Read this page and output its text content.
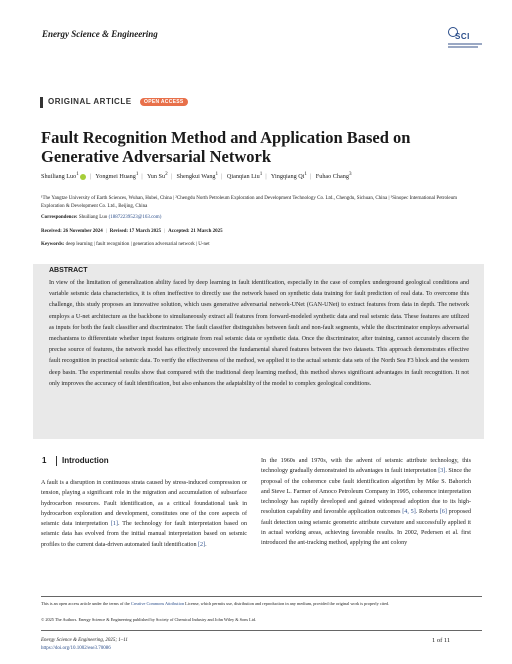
Energy Science & Engineering	SCI
ORIGINAL ARTICLE	OPEN ACCESS
Fault Recognition Method and Application Based on Generative Adversarial Network
Shuiliang Luo$^1$ | Yongmei Huang$^1$ | Yun Su$^2$ | Shengkui Wang$^1$ | Qianqian Liu$^1$ | Yingqiang Qi$^1$ | Fuhao Chang$^3$
¹The Yangtze University of Earth Sciences, Wuhan, Hubei, China | ²Chengdu North Petroleum Exploration and Development Technology Co. Ltd., Chengdu, Sichuan, China | ³Sinopec International Petroleum Exploration & Development Co. Ltd., Beijing, China
Correspondence: Shuiliang Luo (18872239523@163.com)
Received: 26 November 2024 | Revised: 17 March 2025 | Accepted: 21 March 2025
Keywords: deep learning | fault recognition | generation adversarial network | U-net
ABSTRACT
In view of the limitation of generalization ability faced by deep learning in fault identification, especially in the case of complex underground geological conditions and variable seismic data characteristics, it is often ineffective to directly use the network based on synthetic data training for fault prediction of real data. To overcome this challenge, this study proposes an innovative solution, which uses generative adversarial network-UNet (GAN-UNet) to extract features from data in depth. The network employs a U-net architecture as the backbone to simultaneously extract all features from forward-modeled synthetic data and real seismic data. These features are utilized as inputs for both the fault classifier and discriminator. The fault classifier distinguishes between fault and non-fault segments, while the discriminator employs adversarial mechanisms to differentiate whether input features originate from real seismic data or synthetic data. Once the discriminator, after training, cannot accurately discern the precise source of features, the network model has effectively uncovered the fundamental shared features between the two datasets. This approach demonstrates effective fault recognition in practical seismic data. To verify the effectiveness of the method, we applied it to the actual seismic data sets of the North Sea F3 block and the western deep basin. The experimental results show that compared with the traditional deep learning method, this method shows significant advantages in fault recognition. It not only improves the accuracy of fault identification, but also enhances the adaptability of the model to complex geological conditions.
1 Introduction
A fault is a disruption in continuous strata caused by stress-induced compression or tension, playing a significant role in the migration and accumulation of subsurface hydrocarbon resources. Fault identification, as a critical foundational task in hydrocarbon exploration and development, constitutes one of the core aspects of seismic data interpretation [1]. The technology for fault interpretation based on seismic data has evolved from the initial manual interpretation based on seismic profiles to the current data-driven automated fault identification [2].
In the 1960s and 1970s, with the advent of seismic attribute technology, this technology gradually demonstrated its advantages in fault interpretation [3]. Since the proposal of the coherence cube fault identification algorithm by Mike S. Bahorich and Steve L. Farmer of Amoco Petroleum Company in 1995, coherence interpretation technology has rapidly developed and gained widespread adoption due to its high-resolution capability and favorable application outcomes [4, 5]. Roberts [6] proposed fault detection using seismic geometric attribute curvature and successfully applied it in actual working areas, achieving favorable results. In 2002, Pedersen et al. first introduced the ant-tracking method, applying the ant colony
This is an open access article under the terms of the Creative Commons Attribution License, which permits use, distribution and reproduction in any medium, provided the original work is properly cited.
© 2025 The Authors. Energy Science & Engineering published by Society of Chemical Industry and John Wiley & Sons Ltd.
Energy Science & Engineering, 2025; 1–11
https://doi.org/10.1002/ese3.70086
1 of 11
